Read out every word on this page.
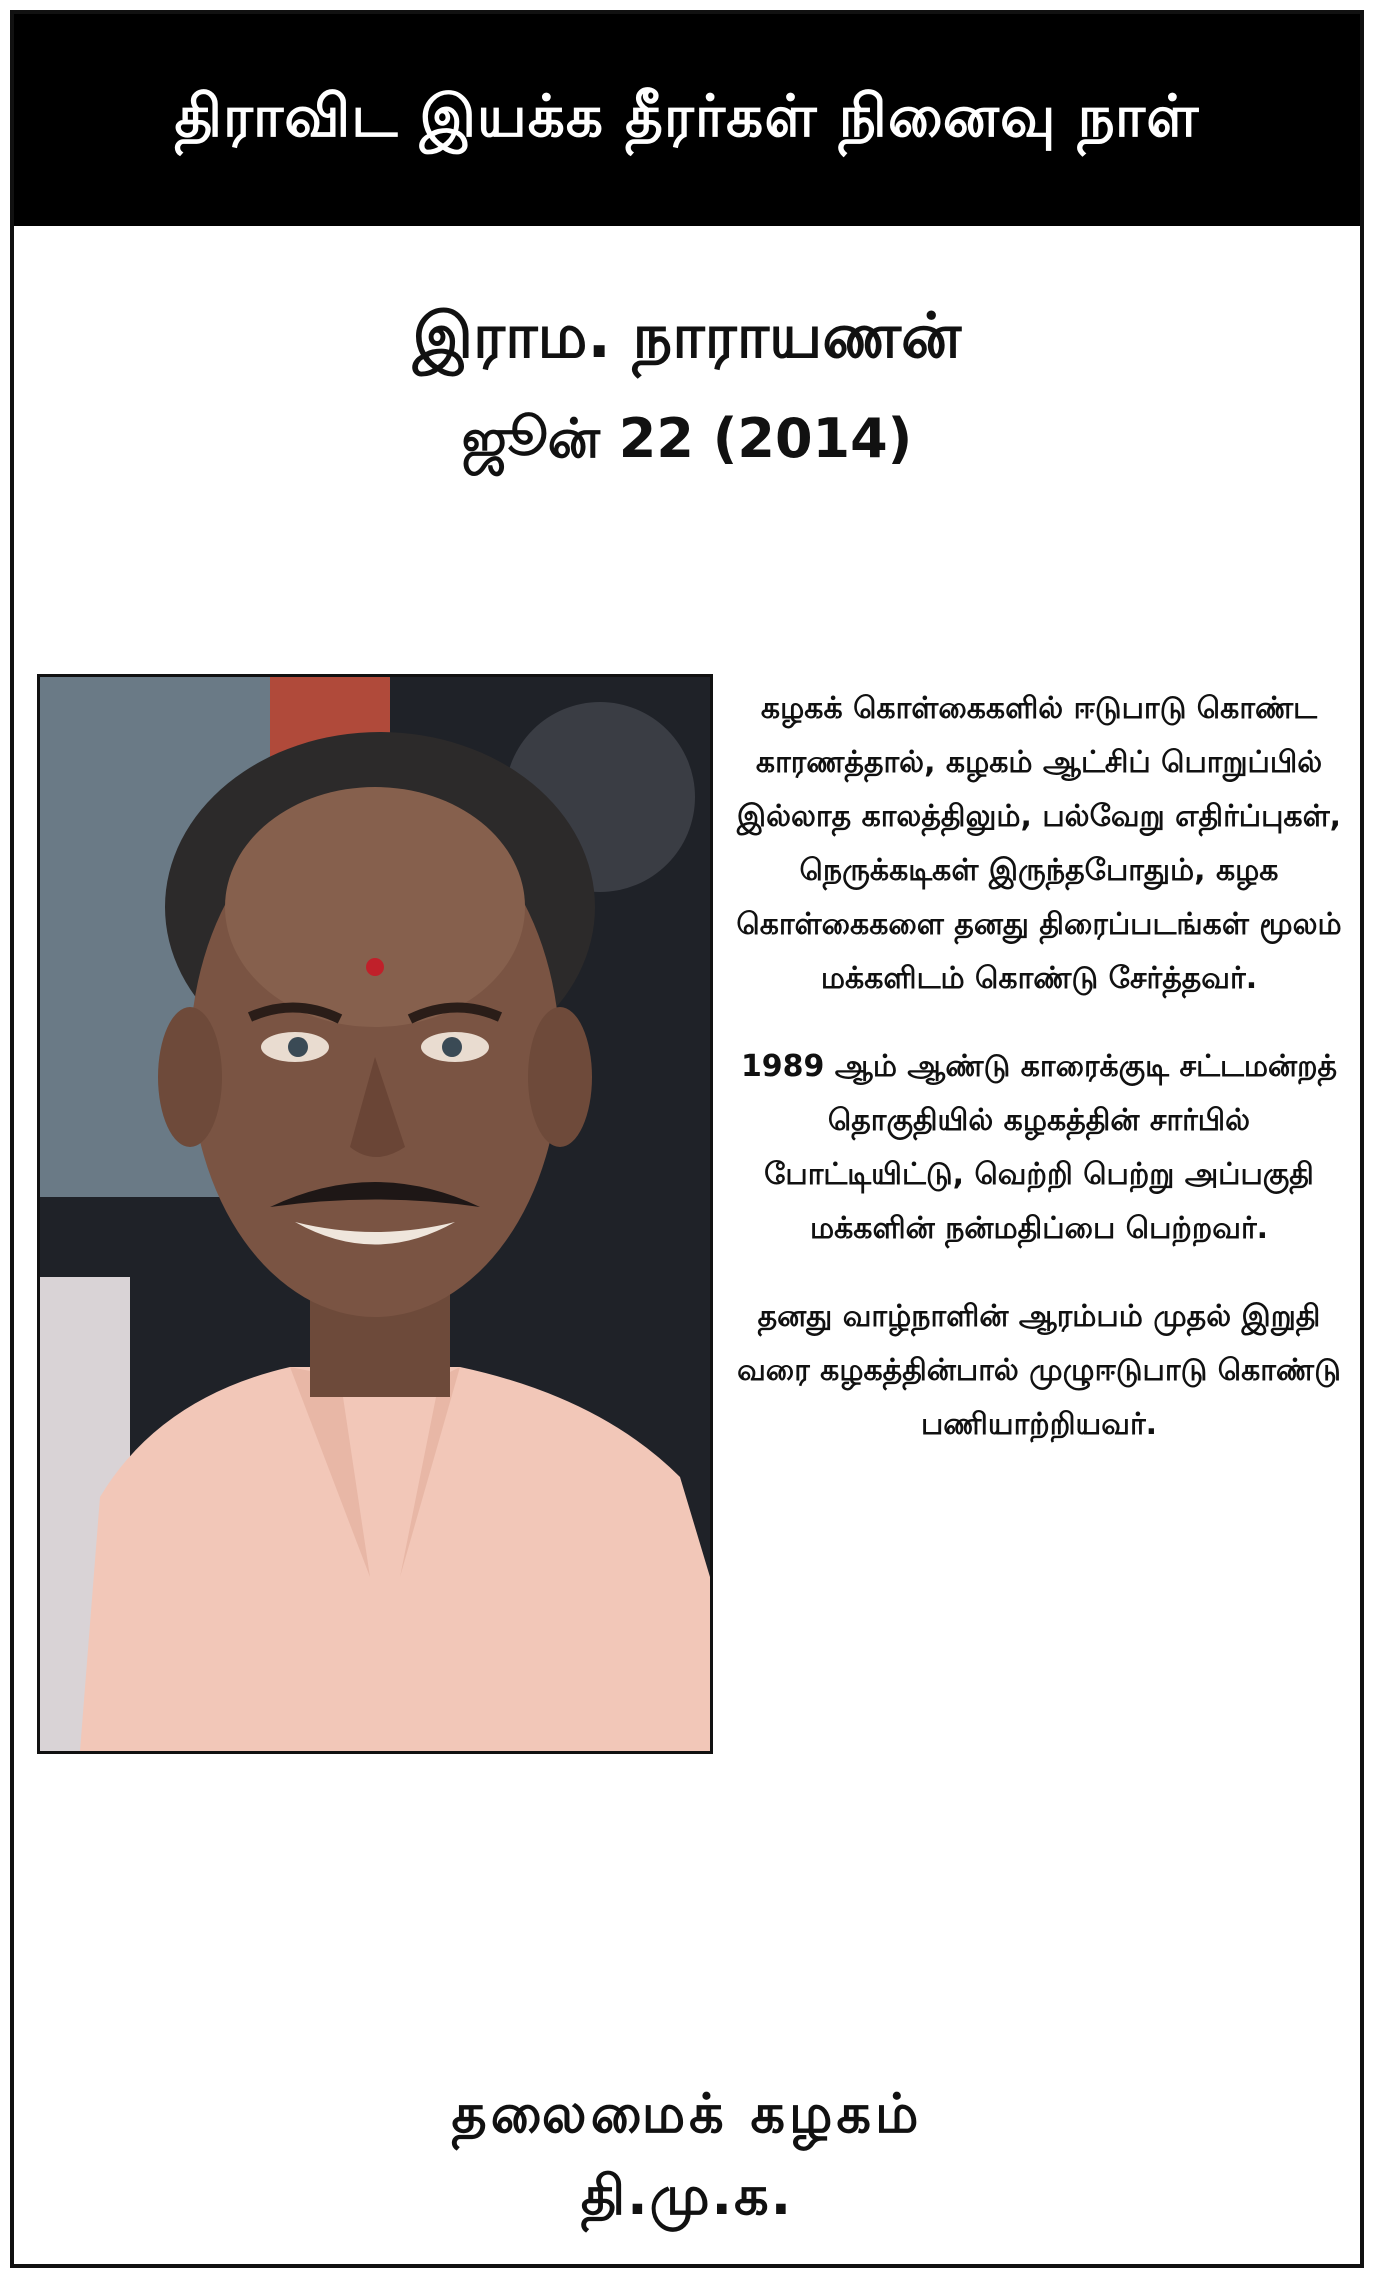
திராவிட இயக்க தீரர்கள் நினைவு நாள்
இராம. நாராயணன்
ஜூன் 22 (2014)

கழகக் கொள்கைகளில் ஈடுபாடு கொண்ட காரணத்தால், கழகம் ஆட்சிப் பொறுப்பில் இல்லாத காலத்திலும், பல்வேறு எதிர்ப்புகள், நெருக்கடிகள் இருந்தபோதும், கழக கொள்கைகளை தனது திரைப்படங்கள் மூலம் மக்களிடம் கொண்டு சேர்த்தவர்.

1989 ஆம் ஆண்டு காரைக்குடி சட்டமன்றத் தொகுதியில் கழகத்தின் சார்பில் போட்டியிட்டு, வெற்றி பெற்று அப்பகுதி மக்களின் நன்மதிப்பை பெற்றவர்.

தனது வாழ்நாளின் ஆரம்பம் முதல் இறுதி வரை கழகத்தின்பால் முழுஈடுபாடு கொண்டு பணியாற்றியவர்.

தலைமைக் கழகம்
தி.மு.க.
